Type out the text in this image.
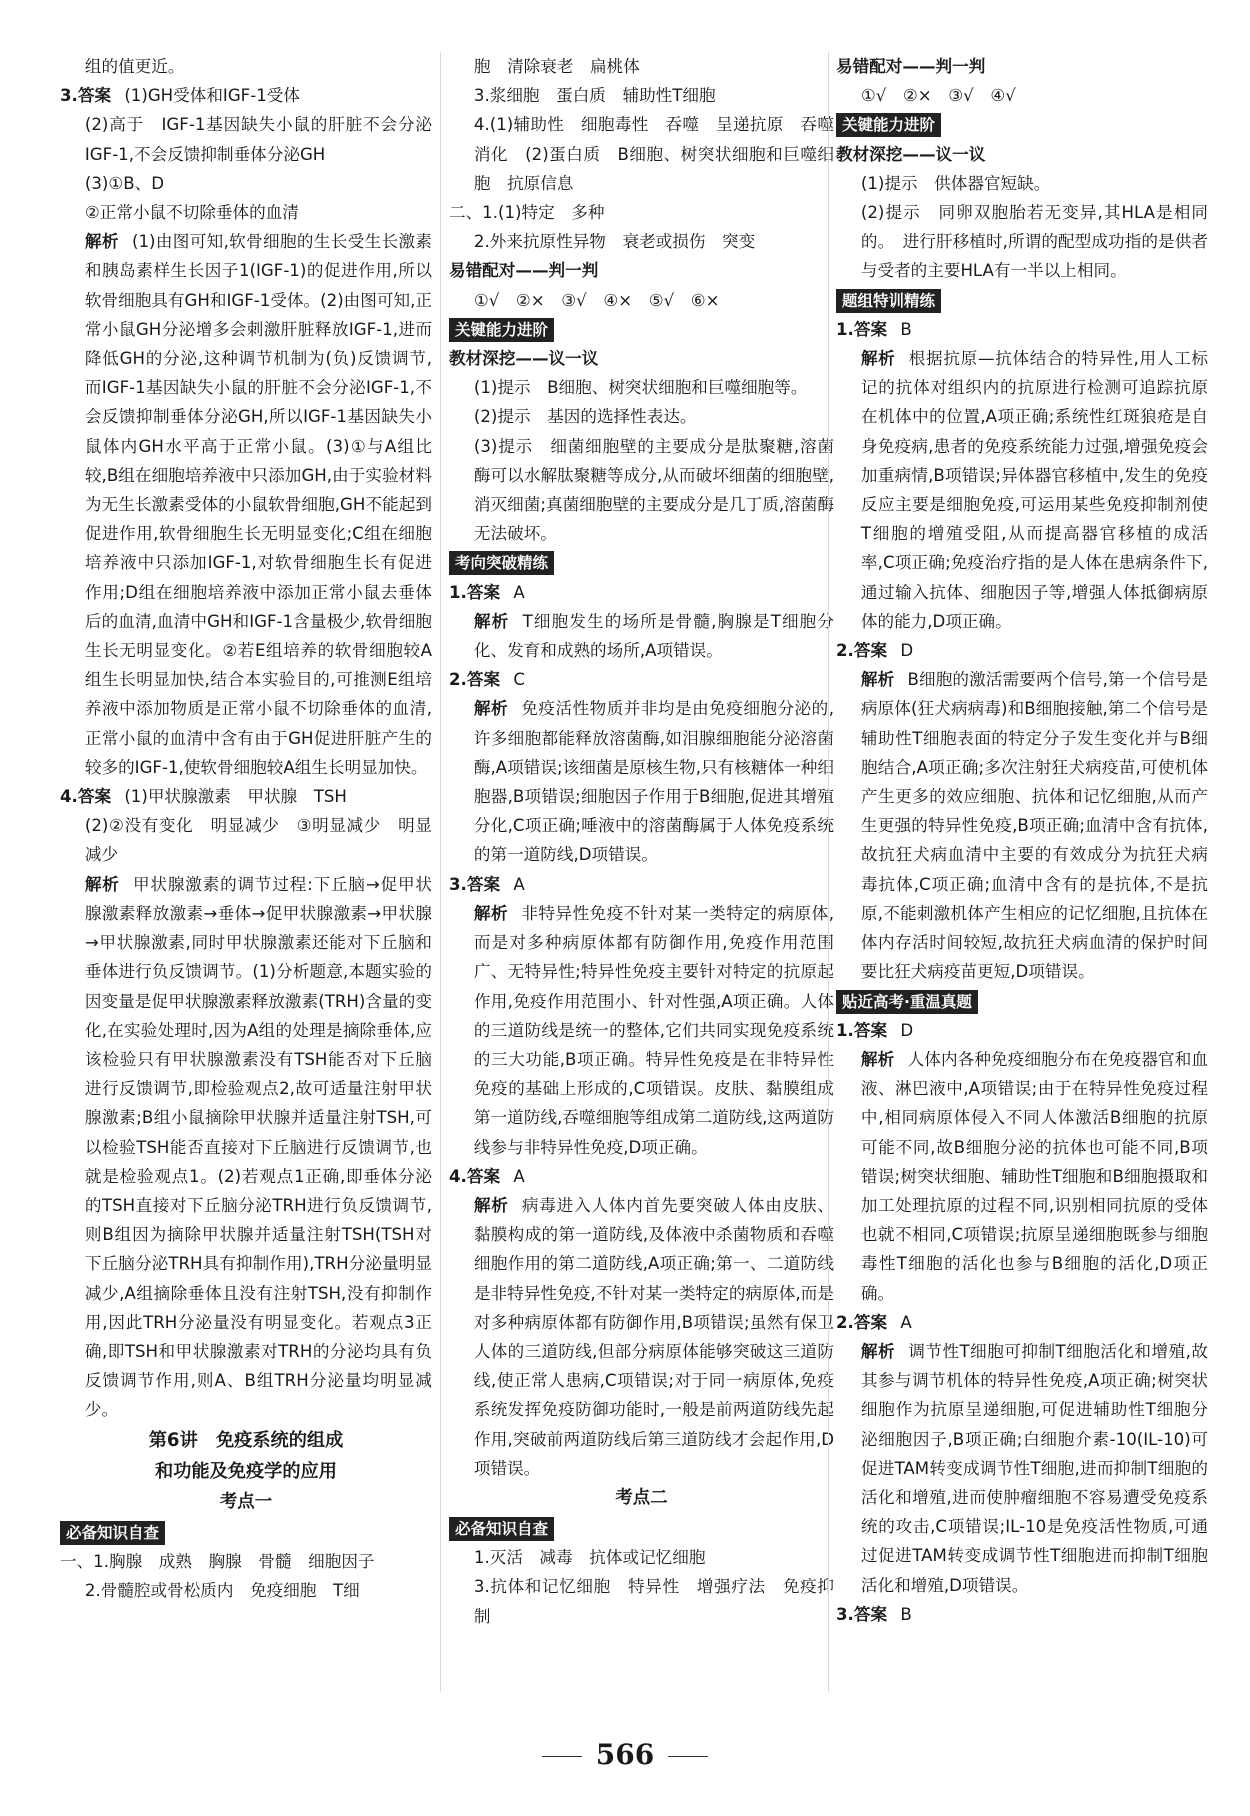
组的值更近。

3.答案 (1)GH受体和IGF-1受体

(2)高于　IGF-1基因缺失小鼠的肝脏不会分泌IGF-1,不会反馈抑制垂体分泌GH

(3)①B、D

②正常小鼠不切除垂体的血清

解析 (1)由图可知,软骨细胞的生长受生长激素和胰岛素样生长因子1(IGF-1)的促进作用,所以软骨细胞具有GH和IGF-1受体。(2)由图可知,正常小鼠GH分泌增多会刺激肝脏释放IGF-1,进而降低GH的分泌,这种调节机制为(负)反馈调节,而IGF-1基因缺失小鼠的肝脏不会分泌IGF-1,不会反馈抑制垂体分泌GH,所以IGF-1基因缺失小鼠体内GH水平高于正常小鼠。(3)①与A组比较,B组在细胞培养液中只添加GH,由于实验材料为无生长激素受体的小鼠软骨细胞,GH不能起到促进作用,软骨细胞生长无明显变化;C组在细胞培养液中只添加IGF-1,对软骨细胞生长有促进作用;D组在细胞培养液中添加正常小鼠去垂体后的血清,血清中GH和IGF-1含量极少,软骨细胞生长无明显变化。②若E组培养的软骨细胞较A组生长明显加快,结合本实验目的,可推测E组培养液中添加物质是正常小鼠不切除垂体的血清,正常小鼠的血清中含有由于GH促进肝脏产生的较多的IGF-1,使软骨细胞较A组生长明显加快。

4.答案 (1)甲状腺激素　甲状腺　TSH

(2)②没有变化　明显减少　③明显减少　明显减少

解析 甲状腺激素的调节过程:下丘脑→促甲状腺激素释放激素→垂体→促甲状腺激素→甲状腺→甲状腺激素,同时甲状腺激素还能对下丘脑和垂体进行负反馈调节。(1)分析题意,本题实验的因变量是促甲状腺激素释放激素(TRH)含量的变化,在实验处理时,因为A组的处理是摘除垂体,应该检验只有甲状腺激素没有TSH能否对下丘脑进行反馈调节,即检验观点2,故可适量注射甲状腺激素;B组小鼠摘除甲状腺并适量注射TSH,可以检验TSH能否直接对下丘脑进行反馈调节,也就是检验观点1。(2)若观点1正确,即垂体分泌的TSH直接对下丘脑分泌TRH进行负反馈调节,则B组因为摘除甲状腺并适量注射TSH(TSH对下丘脑分泌TRH具有抑制作用),TRH分泌量明显减少,A组摘除垂体且没有注射TSH,没有抑制作用,因此TRH分泌量没有明显变化。若观点3正确,即TSH和甲状腺激素对TRH的分泌均具有负反馈调节作用,则A、B组TRH分泌量均明显减少。

第6讲　免疫系统的组成
和功能及免疫学的应用
考点一
必备知识自查

一、1.胸腺　成熟　胸腺　骨髓　细胞因子

2.骨髓腔或骨松质内　免疫细胞　T细

胞　清除衰老　扁桃体

3.浆细胞　蛋白质　辅助性T细胞

4.(1)辅助性　细胞毒性　吞噬　呈递抗原　吞噬消化　(2)蛋白质　B细胞、树突状细胞和巨噬细胞　抗原信息

二、1.(1)特定　多种

2.外来抗原性异物　衰老或损伤　突变

易错配对——判一判

①√　②×　③√　④×　⑤√　⑥×

关键能力进阶

教材深挖——议一议

(1)提示　B细胞、树突状细胞和巨噬细胞等。

(2)提示　基因的选择性表达。

(3)提示　细菌细胞壁的主要成分是肽聚糖,溶菌酶可以水解肽聚糖等成分,从而破坏细菌的细胞壁,消灭细菌;真菌细胞壁的主要成分是几丁质,溶菌酶无法破坏。

考向突破精练

1.答案 A

解析 T细胞发生的场所是骨髓,胸腺是T细胞分化、发育和成熟的场所,A项错误。

2.答案 C

解析 免疫活性物质并非均是由免疫细胞分泌的,许多细胞都能释放溶菌酶,如泪腺细胞能分泌溶菌酶,A项错误;该细菌是原核生物,只有核糖体一种细胞器,B项错误;细胞因子作用于B细胞,促进其增殖分化,C项正确;唾液中的溶菌酶属于人体免疫系统的第一道防线,D项错误。

3.答案 A

解析 非特异性免疫不针对某一类特定的病原体,而是对多种病原体都有防御作用,免疫作用范围广、无特异性;特异性免疫主要针对特定的抗原起作用,免疫作用范围小、针对性强,A项正确。人体的三道防线是统一的整体,它们共同实现免疫系统的三大功能,B项正确。特异性免疫是在非特异性免疫的基础上形成的,C项错误。皮肤、黏膜组成第一道防线,吞噬细胞等组成第二道防线,这两道防线参与非特异性免疫,D项正确。

4.答案 A

解析 病毒进入人体内首先要突破人体由皮肤、黏膜构成的第一道防线,及体液中杀菌物质和吞噬细胞作用的第二道防线,A项正确;第一、二道防线是非特异性免疫,不针对某一类特定的病原体,而是对多种病原体都有防御作用,B项错误;虽然有保卫人体的三道防线,但部分病原体能够突破这三道防线,使正常人患病,C项错误;对于同一病原体,免疫系统发挥免疫防御功能时,一般是前两道防线先起作用,突破前两道防线后第三道防线才会起作用,D项错误。

考点二
必备知识自查

1.灭活　减毒　抗体或记忆细胞

3.抗体和记忆细胞　特异性　增强疗法　免疫抑制

易错配对——判一判

①√　②×　③√　④√

关键能力进阶

教材深挖——议一议

(1)提示　供体器官短缺。

(2)提示　同卵双胞胎若无变异,其HLA是相同的。　进行肝移植时,所谓的配型成功指的是供者与受者的主要HLA有一半以上相同。

题组特训精练

1.答案 B

解析 根据抗原—抗体结合的特异性,用人工标记的抗体对组织内的抗原进行检测可追踪抗原在机体中的位置,A项正确;系统性红斑狼疮是自身免疫病,患者的免疫系统能力过强,增强免疫会加重病情,B项错误;异体器官移植中,发生的免疫反应主要是细胞免疫,可运用某些免疫抑制剂使T细胞的增殖受阻,从而提高器官移植的成活率,C项正确;免疫治疗指的是人体在患病条件下,通过输入抗体、细胞因子等,增强人体抵御病原体的能力,D项正确。

2.答案 D

解析 B细胞的激活需要两个信号,第一个信号是病原体(狂犬病病毒)和B细胞接触,第二个信号是辅助性T细胞表面的特定分子发生变化并与B细胞结合,A项正确;多次注射狂犬病疫苗,可使机体产生更多的效应细胞、抗体和记忆细胞,从而产生更强的特异性免疫,B项正确;血清中含有抗体,故抗狂犬病血清中主要的有效成分为抗狂犬病毒抗体,C项正确;血清中含有的是抗体,不是抗原,不能刺激机体产生相应的记忆细胞,且抗体在体内存活时间较短,故抗狂犬病血清的保护时间要比狂犬病疫苗更短,D项错误。

贴近高考·重温真题

1.答案 D

解析 人体内各种免疫细胞分布在免疫器官和血液、淋巴液中,A项错误;由于在特异性免疫过程中,相同病原体侵入不同人体激活B细胞的抗原可能不同,故B细胞分泌的抗体也可能不同,B项错误;树突状细胞、辅助性T细胞和B细胞摄取和加工处理抗原的过程不同,识别相同抗原的受体也就不相同,C项错误;抗原呈递细胞既参与细胞毒性T细胞的活化也参与B细胞的活化,D项正确。

2.答案 A

解析 调节性T细胞可抑制T细胞活化和增殖,故其参与调节机体的特异性免疫,A项正确;树突状细胞作为抗原呈递细胞,可促进辅助性T细胞分泌细胞因子,B项正确;白细胞介素-10(IL-10)可促进TAM转变成调节性T细胞,进而抑制T细胞的活化和增殖,进而使肿瘤细胞不容易遭受免疫系统的攻击,C项错误;IL-10是免疫活性物质,可通过促进TAM转变成调节性T细胞进而抑制T细胞活化和增殖,D项错误。

3.答案 B

566
